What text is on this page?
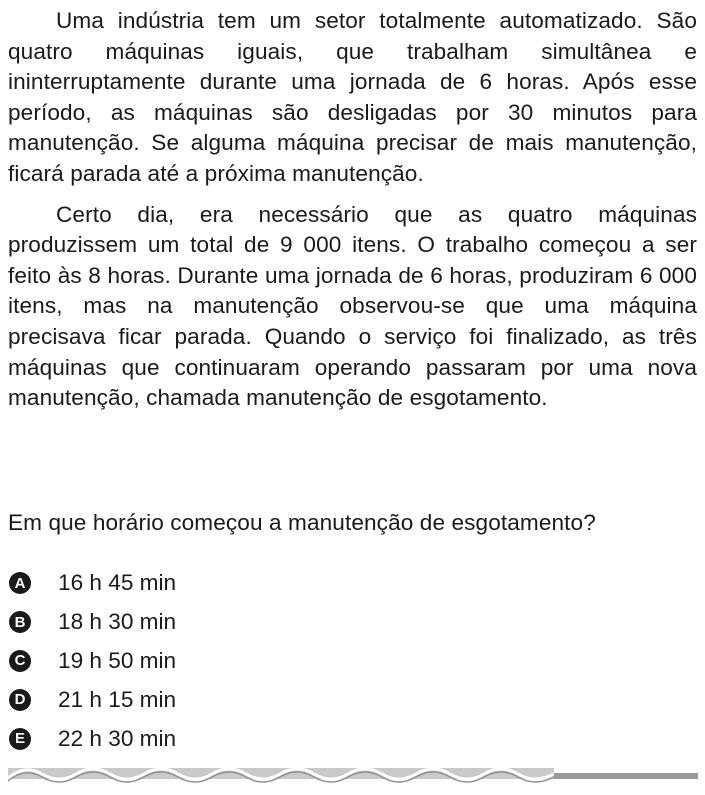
Uma indústria tem um setor totalmente automatizado. São quatro máquinas iguais, que trabalham simultânea e ininterruptamente durante uma jornada de 6 horas. Após esse período, as máquinas são desligadas por 30 minutos para manutenção. Se alguma máquina precisar de mais manutenção, ficará parada até a próxima manutenção.

Certo dia, era necessário que as quatro máquinas produzissem um total de 9 000 itens. O trabalho começou a ser feito às 8 horas. Durante uma jornada de 6 horas, produziram 6 000 itens, mas na manutenção observou-se que uma máquina precisava ficar parada. Quando o serviço foi finalizado, as três máquinas que continuaram operando passaram por uma nova manutenção, chamada manutenção de esgotamento.

Em que horário começou a manutenção de esgotamento?

A 16 h 45 min
B 18 h 30 min
C 19 h 50 min
D 21 h 15 min
E 22 h 30 min
